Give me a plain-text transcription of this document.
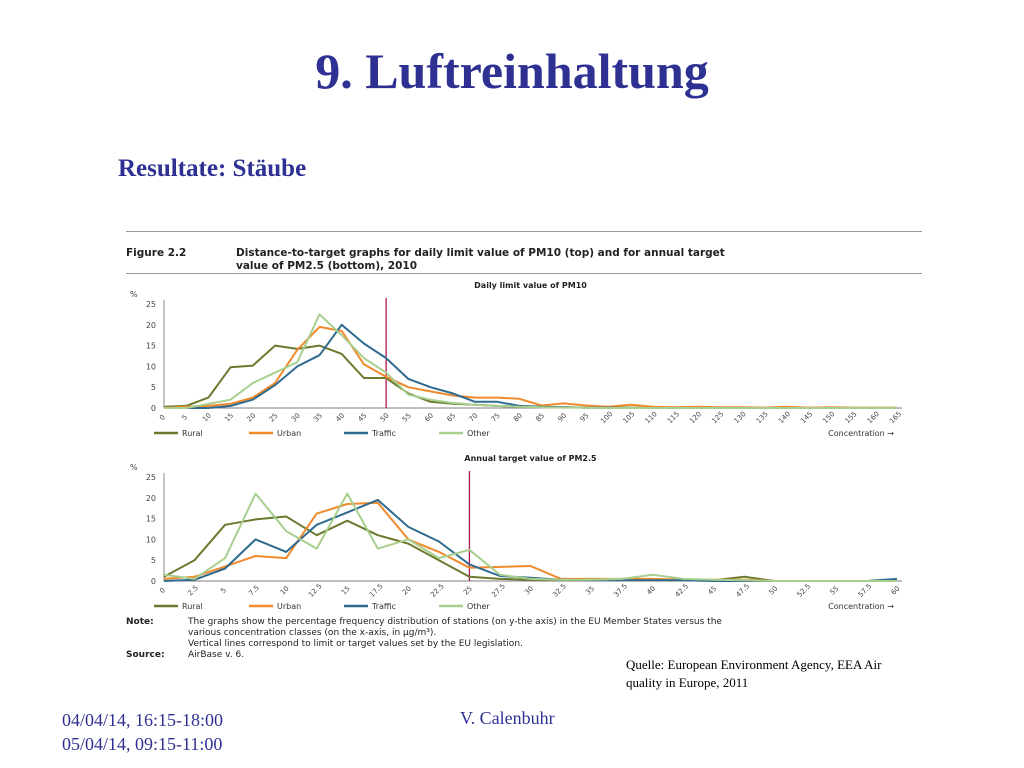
9. Luftreinhaltung
Resultate: Stäube
Figure 2.2	Distance-to-target graphs for daily limit value of PM10 (top) and for annual target
value of PM2.5 (bottom), 2010
Daily limit value of PM10
%
0
5
10
15
20
25
0 5 10 15 20 25 30 35 40 45 50 55 60 65 70 75 80 85 90 95 100 105 110 115 120 125 130 135 140 145 150 155 160 165
Rural	Urban	Traffic	Other	Concentration →
Annual target value of PM2.5
%
0
5
10
15
20
25
0	2.5	5	7.5	10 12.5 15 17.5 20 22.5 25 27.5 30 32.5 35 37.5 40 42.5 45 47.5 50 52.5 55 57.5 60
Rural	Urban	Traffic	Other	Concentration →
Note:	The graphs show the percentage frequency distribution of stations (on y-the axis) in the EU Member States versus the
various concentration classes (on the x-axis, in µg/m³).
Vertical lines correspond to limit or target values set by the EU legislation.
Source:	AirBase v. 6.
Quelle: European Environment Agency, EEA Air
quality in Europe, 2011
04/04/14, 16:15-18:00
05/04/14, 09:15-11:00
V. Calenbuhr
